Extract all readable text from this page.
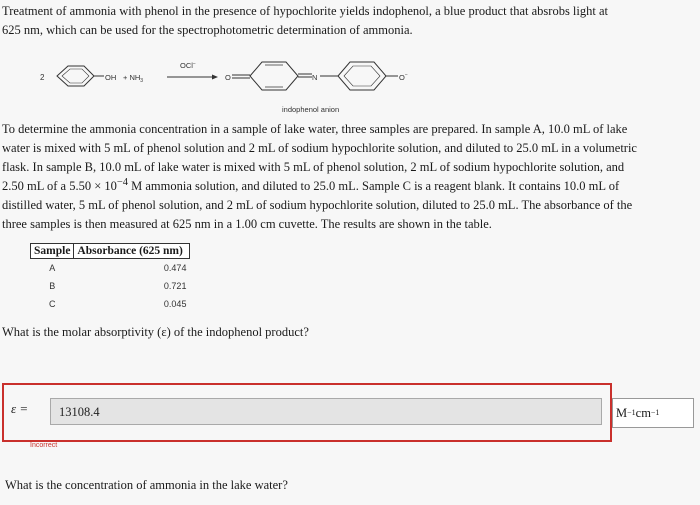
Treatment of ammonia with phenol in the presence of hypochlorite yields indophenol, a blue product that absrobs light at
625 nm, which can be used for the spectrophotometric determination of ammonia.
2	OH + $NH_3$
OCl−
O	N	O−
indophenol anion
To determine the ammonia concentration in a sample of lake water, three samples are prepared. In sample A, 10.0 mL of lake
water is mixed with 5 mL of phenol solution and 2 mL of sodium hypochlorite solution, and diluted to 25.0 mL in a volumetric
flask. In sample B, 10.0 mL of lake water is mixed with 5 mL of phenol solution, 2 mL of sodium hypochlorite solution, and
2.50 mL of a $5.50 \times 10^{-4}$ M ammonia solution, and diluted to 25.0 mL. Sample C is a reagent blank. It contains 10.0 mL of
distilled water, 5 mL of phenol solution, and 2 mL of sodium hypochlorite solution, diluted to 25.0 mL. The absorbance of the
three samples is then measured at 625 nm in a 1.00 cm cuvette. The results are shown in the table.
Sample	Absorbance (625 nm)
A	0.474
B	0.721
C	0.045
What is the molar absorptivity (ε) of the indophenol product?
ε =	13108.4	M −1 cm −1
Incorrect
What is the concentration of ammonia in the lake water?
